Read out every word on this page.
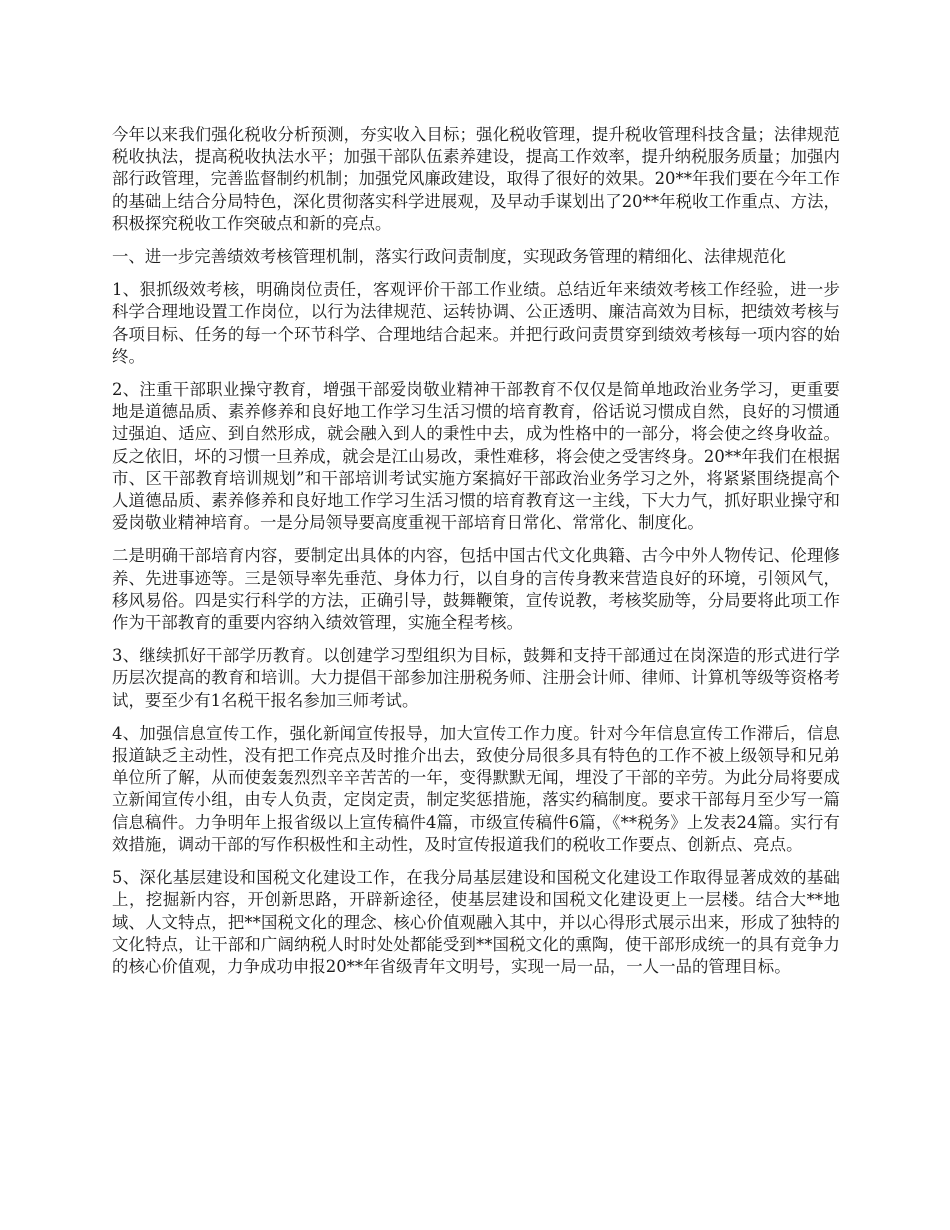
今年以来我们强化税收分析预测，夯实收入目标；强化税收管理，提升税收管理科技含量；法律规范税收执法，提高税收执法水平；加强干部队伍素养建设，提高工作效率，提升纳税服务质量；加强内部行政管理，完善监督制约机制；加强党风廉政建设，取得了很好的效果。20**年我们要在今年工作的基础上结合分局特色，深化贯彻落实科学进展观，及早动手谋划出了20**年税收工作重点、方法，积极探究税收工作突破点和新的亮点。

一、进一步完善绩效考核管理机制，落实行政问责制度，实现政务管理的精细化、法律规范化

1、狠抓级效考核，明确岗位责任，客观评价干部工作业绩。总结近年来绩效考核工作经验，进一步科学合理地设置工作岗位，以行为法律规范、运转协调、公正透明、廉洁高效为目标，把绩效考核与各项目标、任务的每一个环节科学、合理地结合起来。并把行政问责贯穿到绩效考核每一项内容的始终。

2、注重干部职业操守教育，增强干部爱岗敬业精神干部教育不仅仅是简单地政治业务学习，更重要地是道德品质、素养修养和良好地工作学习生活习惯的培育教育，俗话说习惯成自然，良好的习惯通过强迫、适应、到自然形成，就会融入到人的秉性中去，成为性格中的一部分，将会使之终身收益。反之依旧，坏的习惯一旦养成，就会是江山易改，秉性难移，将会使之受害终身。20**年我们在根据市、区干部教育培训规划”和干部培训考试实施方案搞好干部政治业务学习之外，将紧紧围绕提高个人道德品质、素养修养和良好地工作学习生活习惯的培育教育这一主线，下大力气，抓好职业操守和爱岗敬业精神培育。一是分局领导要高度重视干部培育日常化、常常化、制度化。

二是明确干部培育内容，要制定出具体的内容，包括中国古代文化典籍、古今中外人物传记、伦理修养、先进事迹等。三是领导率先垂范、身体力行，以自身的言传身教来营造良好的环境，引领风气，移风易俗。四是实行科学的方法，正确引导，鼓舞鞭策，宣传说教，考核奖励等，分局要将此项工作作为干部教育的重要内容纳入绩效管理，实施全程考核。

3、继续抓好干部学历教育。以创建学习型组织为目标，鼓舞和支持干部通过在岗深造的形式进行学历层次提高的教育和培训。大力提倡干部参加注册税务师、注册会计师、律师、计算机等级等资格考试，要至少有1名税干报名参加三师考试。

4、加强信息宣传工作，强化新闻宣传报导，加大宣传工作力度。针对今年信息宣传工作滞后，信息报道缺乏主动性，没有把工作亮点及时推介出去，致使分局很多具有特色的工作不被上级领导和兄弟单位所了解，从而使轰轰烈烈辛辛苦苦的一年，变得默默无闻，埋没了干部的辛劳。为此分局将要成立新闻宣传小组，由专人负责，定岗定责，制定奖惩措施，落实约稿制度。要求干部每月至少写一篇信息稿件。力争明年上报省级以上宣传稿件4篇，市级宣传稿件6篇，《**税务》上发表24篇。实行有效措施，调动干部的写作积极性和主动性，及时宣传报道我们的税收工作要点、创新点、亮点。

5、深化基层建设和国税文化建设工作，在我分局基层建设和国税文化建设工作取得显著成效的基础上，挖掘新内容，开创新思路，开辟新途径，使基层建设和国税文化建设更上一层楼。结合大**地域、人文特点，把**国税文化的理念、核心价值观融入其中，并以心得形式展示出来，形成了独特的文化特点，让干部和广阔纳税人时时处处都能受到**国税文化的熏陶，使干部形成统一的具有竞争力的核心价值观，力争成功申报20**年省级青年文明号，实现一局一品，一人一品的管理目标。
